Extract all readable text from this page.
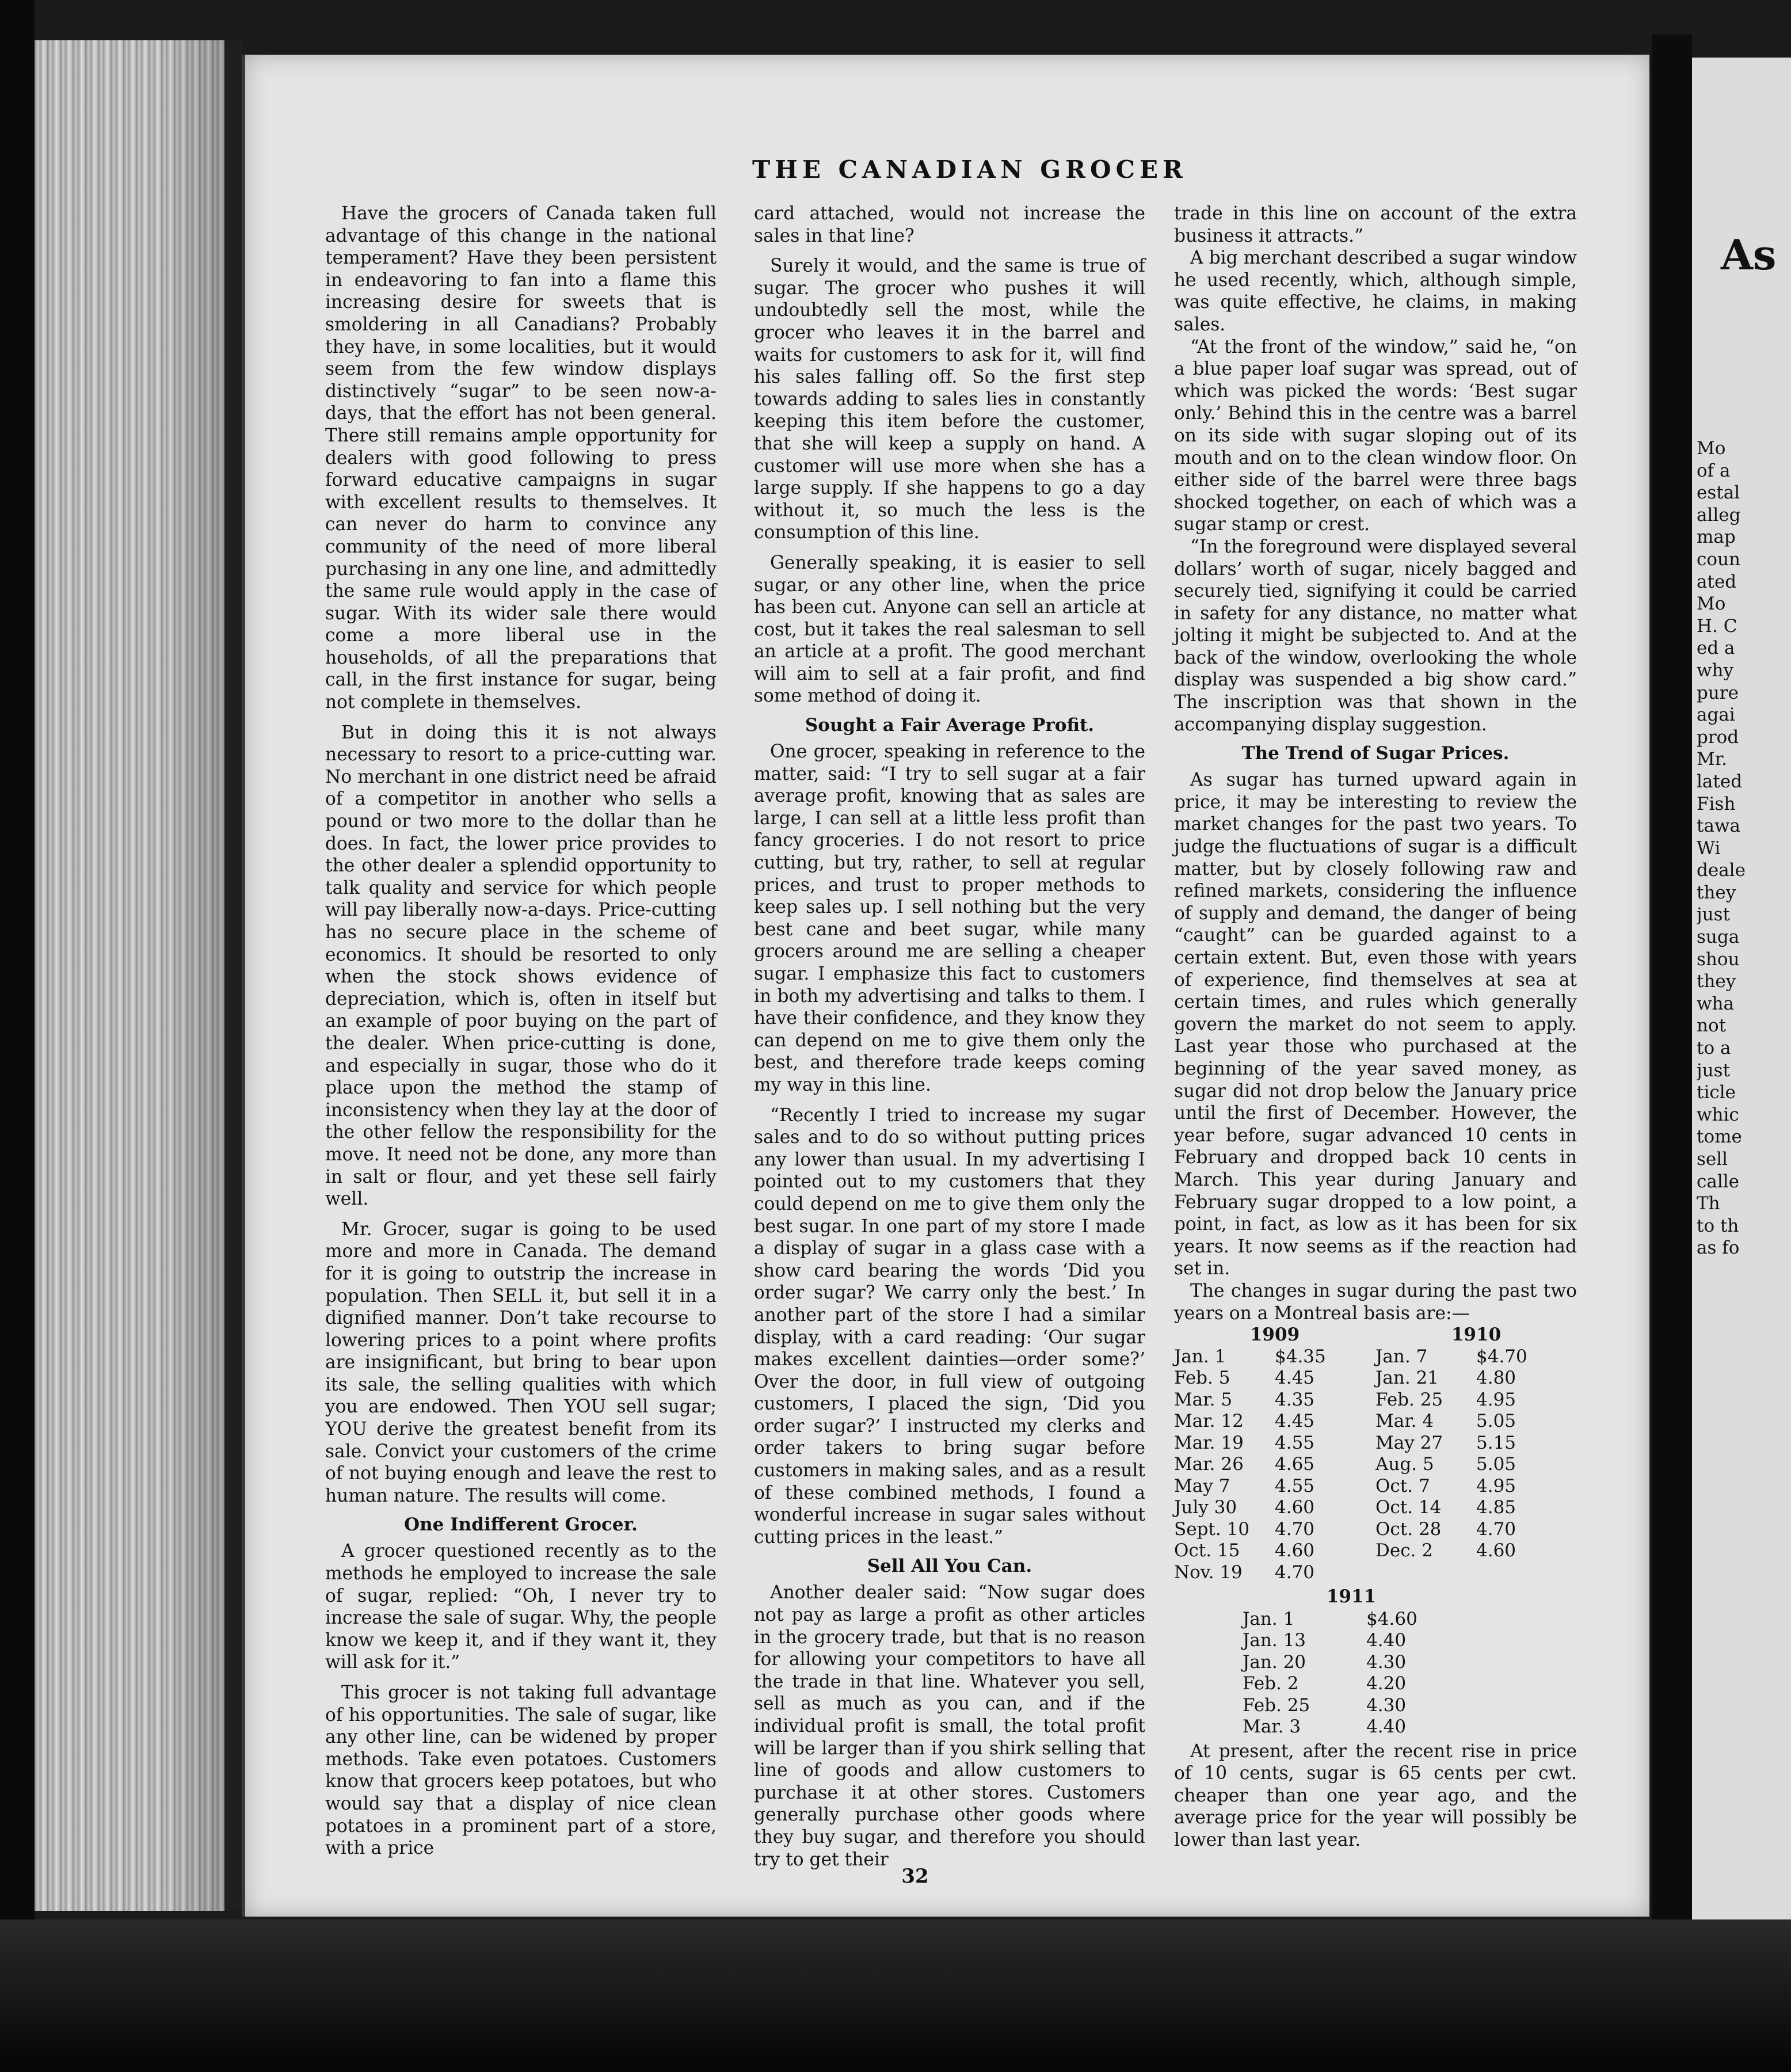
THE CANADIAN GROCER

Have the grocers of Canada taken full advantage of this change in the national temperament? Have they been persistent in endeavoring to fan into a flame this increasing desire for sweets that is smoldering in all Canadians? Probably they have, in some localities, but it would seem from the few window displays distinctively “sugar” to be seen now-a-days, that the effort has not been general. There still remains ample opportunity for dealers with good following to press forward educative campaigns in sugar with excellent results to themselves. It can never do harm to convince any community of the need of more liberal purchasing in any one line, and admittedly the same rule would apply in the case of sugar. With its wider sale there would come a more liberal use in the households, of all the preparations that call, in the first instance for sugar, being not complete in themselves.

But in doing this it is not always necessary to resort to a price-cutting war. No merchant in one district need be afraid of a competitor in another who sells a pound or two more to the dollar than he does. In fact, the lower price provides to the other dealer a splendid opportunity to talk quality and service for which people will pay liberally now-a-days. Price-cutting has no secure place in the scheme of economics. It should be resorted to only when the stock shows evidence of depreciation, which is, often in itself but an example of poor buying on the part of the dealer. When price-cutting is done, and especially in sugar, those who do it place upon the method the stamp of inconsistency when they lay at the door of the other fellow the responsibility for the move. It need not be done, any more than in salt or flour, and yet these sell fairly well.

Mr. Grocer, sugar is going to be used more and more in Canada. The demand for it is going to outstrip the increase in population. Then SELL it, but sell it in a dignified manner. Don’t take recourse to lowering prices to a point where profits are insignificant, but bring to bear upon its sale, the selling qualities with which you are endowed. Then YOU sell sugar; YOU derive the greatest benefit from its sale. Convict your customers of the crime of not buying enough and leave the rest to human nature. The results will come.

One Indifferent Grocer.

A grocer questioned recently as to the methods he employed to increase the sale of sugar, replied: “Oh, I never try to increase the sale of sugar. Why, the people know we keep it, and if they want it, they will ask for it.”

This grocer is not taking full advantage of his opportunities. The sale of sugar, like any other line, can be widened by proper methods. Take even potatoes. Customers know that grocers keep potatoes, but who would say that a display of nice clean potatoes in a prominent part of a store, with a price

card attached, would not increase the sales in that line?

Surely it would, and the same is true of sugar. The grocer who pushes it will undoubtedly sell the most, while the grocer who leaves it in the barrel and waits for customers to ask for it, will find his sales falling off. So the first step towards adding to sales lies in constantly keeping this item before the customer, that she will keep a supply on hand. A customer will use more when she has a large supply. If she happens to go a day without it, so much the less is the consumption of this line.

Generally speaking, it is easier to sell sugar, or any other line, when the price has been cut. Anyone can sell an article at cost, but it takes the real salesman to sell an article at a profit. The good merchant will aim to sell at a fair profit, and find some method of doing it.

Sought a Fair Average Profit.

One grocer, speaking in reference to the matter, said: “I try to sell sugar at a fair average profit, knowing that as sales are large, I can sell at a little less profit than fancy groceries. I do not resort to price cutting, but try, rather, to sell at regular prices, and trust to proper methods to keep sales up. I sell nothing but the very best cane and beet sugar, while many grocers around me are selling a cheaper sugar. I emphasize this fact to customers in both my advertising and talks to them. I have their confidence, and they know they can depend on me to give them only the best, and therefore trade keeps coming my way in this line.

“Recently I tried to increase my sugar sales and to do so without putting prices any lower than usual. In my advertising I pointed out to my customers that they could depend on me to give them only the best sugar. In one part of my store I made a display of sugar in a glass case with a show card bearing the words ‘Did you order sugar? We carry only the best.’ In another part of the store I had a similar display, with a card reading: ‘Our sugar makes excellent dainties—order some?’ Over the door, in full view of outgoing customers, I placed the sign, ‘Did you order sugar?’ I instructed my clerks and order takers to bring sugar before customers in making sales, and as a result of these combined methods, I found a wonderful increase in sugar sales without cutting prices in the least.”

Sell All You Can.

Another dealer said: “Now sugar does not pay as large a profit as other articles in the grocery trade, but that is no reason for allowing your competitors to have all the trade in that line. Whatever you sell, sell as much as you can, and if the individual profit is small, the total profit will be larger than if you shirk selling that line of goods and allow customers to purchase it at other stores. Customers generally purchase other goods where they buy sugar, and therefore you should try to get their

trade in this line on account of the extra business it attracts.”

A big merchant described a sugar window he used recently, which, although simple, was quite effective, he claims, in making sales.

“At the front of the window,” said he, “on a blue paper loaf sugar was spread, out of which was picked the words: ‘Best sugar only.’ Behind this in the centre was a barrel on its side with sugar sloping out of its mouth and on to the clean window floor. On either side of the barrel were three bags shocked together, on each of which was a sugar stamp or crest.

“In the foreground were displayed several dollars’ worth of sugar, nicely bagged and securely tied, signifying it could be carried in safety for any distance, no matter what jolting it might be subjected to. And at the back of the window, overlooking the whole display was suspended a big show card.” The inscription was that shown in the accompanying display suggestion.

The Trend of Sugar Prices.

As sugar has turned upward again in price, it may be interesting to review the market changes for the past two years. To judge the fluctuations of sugar is a difficult matter, but by closely following raw and refined markets, considering the influence of supply and demand, the danger of being “caught” can be guarded against to a certain extent. But, even those with years of experience, find themselves at sea at certain times, and rules which generally govern the market do not seem to apply. Last year those who purchased at the beginning of the year saved money, as sugar did not drop below the January price until the first of December. However, the year before, sugar advanced 10 cents in February and dropped back 10 cents in March. This year during January and February sugar dropped to a low point, a point, in fact, as low as it has been for six years. It now seems as if the reaction had set in.

The changes in sugar during the past two years on a Montreal basis are:—

1909		1910	
Jan. 1	$4.35	Jan. 7	$4.70
Feb. 5	4.45	Jan. 21	4.80
Mar. 5	4.35	Feb. 25	4.95
Mar. 12	4.45	Mar. 4	5.05
Mar. 19	4.55	May 27	5.15
Mar. 26	4.65	Aug. 5	5.05
May 7	4.55	Oct. 7	4.95
July 30	4.60	Oct. 14	4.85
Sept. 10	4.70	Oct. 28	4.70
Oct. 15	4.60	Dec. 2	4.60
Nov. 19	4.70		
1911	
Jan. 1	$4.60
Jan. 13	4.40
Jan. 20	4.30
Feb. 2	4.20
Feb. 25	4.30
Mar. 3	4.40

At present, after the recent rise in price of 10 cents, sugar is 65 cents per cwt. cheaper than one year ago, and the average price for the year will possibly be lower than last year.

32
As
Mo
of a
estal
alleg
map
coun
ated
Mo
H. C
ed a
why
pure
agai
prod
Mr.
lated
Fish
tawa
Wi
deale
they
just
suga
shou
they
wha
not
to a
just
ticle
whic
tome
sell
calle
Th
to th
as fo
